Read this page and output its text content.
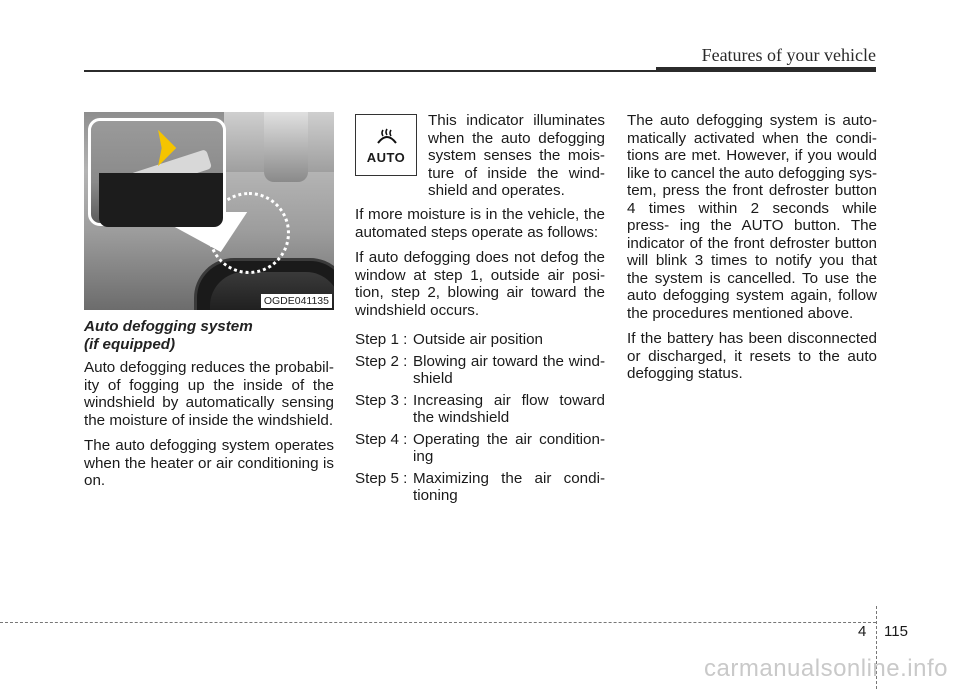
Features of your vehicle
OGDE041135
Auto defogging system
(if equipped)

Auto defogging reduces the probabil- ity of fogging up the inside of the windshield by automatically sensing the moisture of inside the windshield.

The auto defogging system operates when the heater or air conditioning is on.

AUTO
This indicator illuminates when the auto defogging system senses the mois- ture of inside the wind- shield and operates.

If more moisture is in the vehicle, the automated steps operate as follows:

If auto defogging does not defog the window at step 1, outside air posi- tion, step 2, blowing air toward the windshield occurs.

Step 1 : Outside air position
Step 2 : Blowing air toward the wind- shield
Step 3 : Increasing air flow toward the windshield
Step 4 : Operating the air condition- ing
Step 5 : Maximizing the air condi- tioning

The auto defogging system is auto- matically activated when the condi- tions are met. However, if you would like to cancel the auto defogging sys- tem, press the front defroster button 4 times within 2 seconds while press- ing the AUTO button. The indicator of the front defroster button will blink 3 times to notify you that the system is cancelled. To use the auto defogging system again, follow the procedures mentioned above.

If the battery has been disconnected or discharged, it resets to the auto defogging status.

4 115
carmanualsonline.info
